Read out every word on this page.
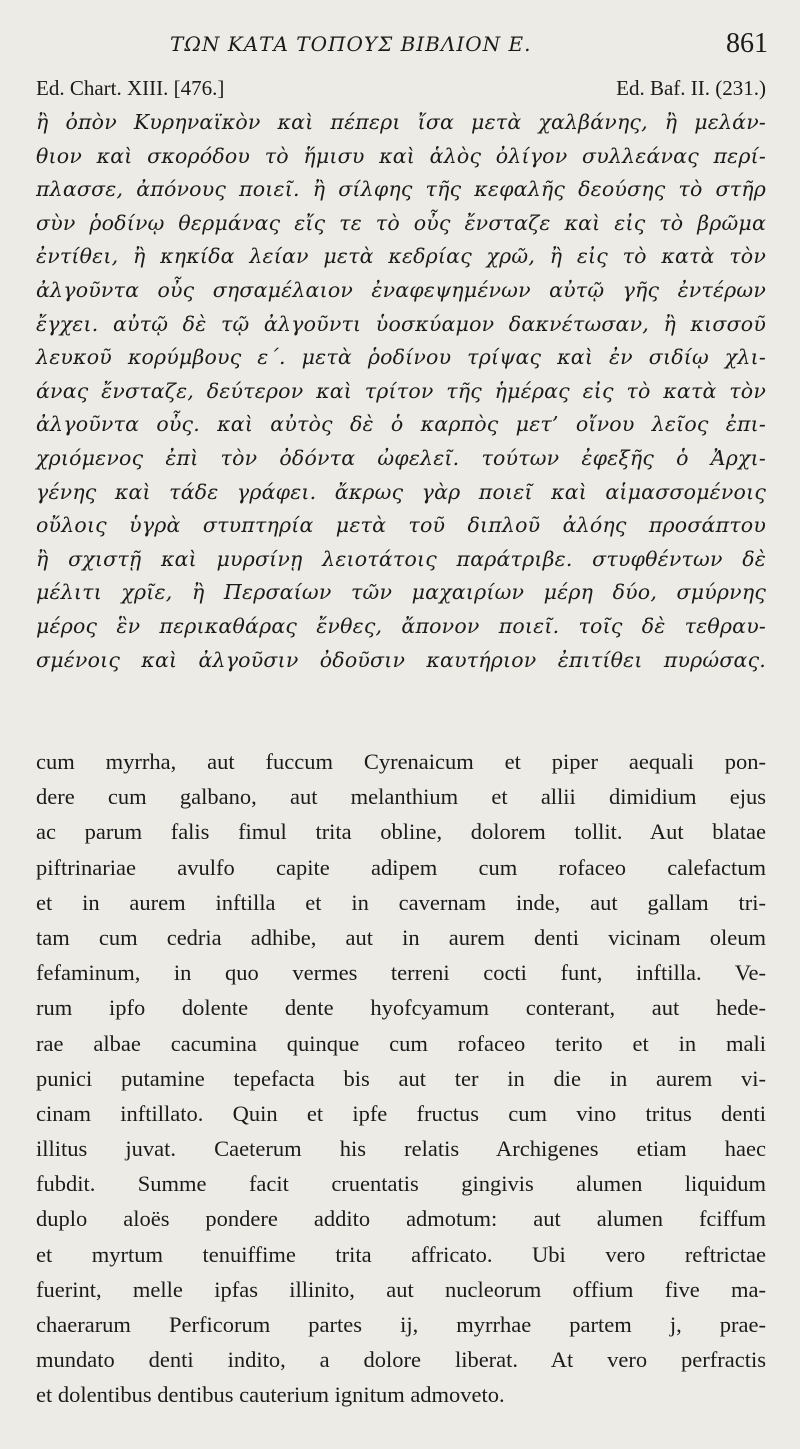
ΤΩΝ ΚΑΤΑ ΤΟΠΟΥΣ ΒΙΒΛΙΟΝ Ε.	861
Ed. Chart. XIII. [476.]	Ed. Baf. II. (231.)
ἢ ὀπὸν Κυρηναϊκὸν καὶ πέπερι ἴσα μετὰ χαλβάνης, ἢ μελάν-
θιον καὶ σκορόδου τὸ ἥμισυ καὶ ἁλὸς ὀλίγον συλλεάνας περί-
πλασσε, ἀπόνους ποιεῖ. ἢ σίλφης τῆς κεφαλῆς δεούσης τὸ στῆρ
σὺν ῥοδίνῳ θερμάνας εἴς τε τὸ οὖς ἔνσταζε καὶ εἰς τὸ βρῶμα
ἐντίθει, ἢ κηκίδα λείαν μετὰ κεδρίας χρῶ, ἢ εἰς τὸ κατὰ τὸν
ἀλγοῦντα οὖς σησαμέλαιον ἐναφεψημένων αὐτῷ γῆς ἐντέρων
ἔγχει. αὐτῷ δὲ τῷ ἀλγοῦντι ὑοσκύαμον δακνέτωσαν, ἢ κισσοῦ
λευκοῦ κορύμβους ε΄. μετὰ ῥοδίνου τρίψας καὶ ἐν σιδίῳ χλι-
άνας ἔνσταζε, δεύτερον καὶ τρίτον τῆς ἡμέρας εἰς τὸ κατὰ τὸν
ἀλγοῦντα οὖς. καὶ αὐτὸς δὲ ὁ καρπὸς μετ’ οἴνου λεῖος ἐπι-
χριόμενος ἐπὶ τὸν ὀδόντα ὠφελεῖ. τούτων ἐφεξῆς ὁ Ἀρχι-
γένης καὶ τάδε γράφει. ἄκρως γὰρ ποιεῖ καὶ αἱμασσομένοις
οὔλοις ὑγρὰ στυπτηρία μετὰ τοῦ διπλοῦ ἀλόης προσάπτου
ἢ σχιστῇ καὶ μυρσίνῃ λειοτάτοις παράτριβε. στυφθέντων δὲ
μέλιτι χρῖε, ἢ Περσαίων τῶν μαχαιρίων μέρη δύο, σμύρνης
μέρος ἓν περικαθάρας ἔνθες, ἄπονον ποιεῖ. τοῖς δὲ τεθραυ-
σμένοις καὶ ἀλγοῦσιν ὀδοῦσιν καυτήριον ἐπιτίθει πυρώσας.
cum myrrha, aut fuccum Cyrenaicum et piper aequali pon-
dere cum galbano, aut melanthium et allii dimidium ejus
ac parum falis fimul trita obline, dolorem tollit. Aut blatae
piftrinariae avulfo capite adipem cum rofaceo calefactum
et in aurem inftilla et in cavernam inde, aut gallam tri-
tam cum cedria adhibe, aut in aurem denti vicinam oleum
fefaminum, in quo vermes terreni cocti funt, inftilla. Ve-
rum ipfo dolente dente hyofcyamum conterant, aut hede-
rae albae cacumina quinque cum rofaceo terito et in mali
punici putamine tepefacta bis aut ter in die in aurem vi-
cinam inftillato. Quin et ipfe fructus cum vino tritus denti
illitus juvat. Caeterum his relatis Archigenes etiam haec
fubdit. Summe facit cruentatis gingivis alumen liquidum
duplo aloës pondere addito admotum: aut alumen fciffum
et myrtum tenuiffime trita affricato. Ubi vero reftrictae
fuerint, melle ipfas illinito, aut nucleorum offium five ma-
chaerarum Perficorum partes ij, myrrhae partem j, prae-
mundato denti indito, a dolore liberat. At vero perfractis
et dolentibus dentibus cauterium ignitum admoveto.
